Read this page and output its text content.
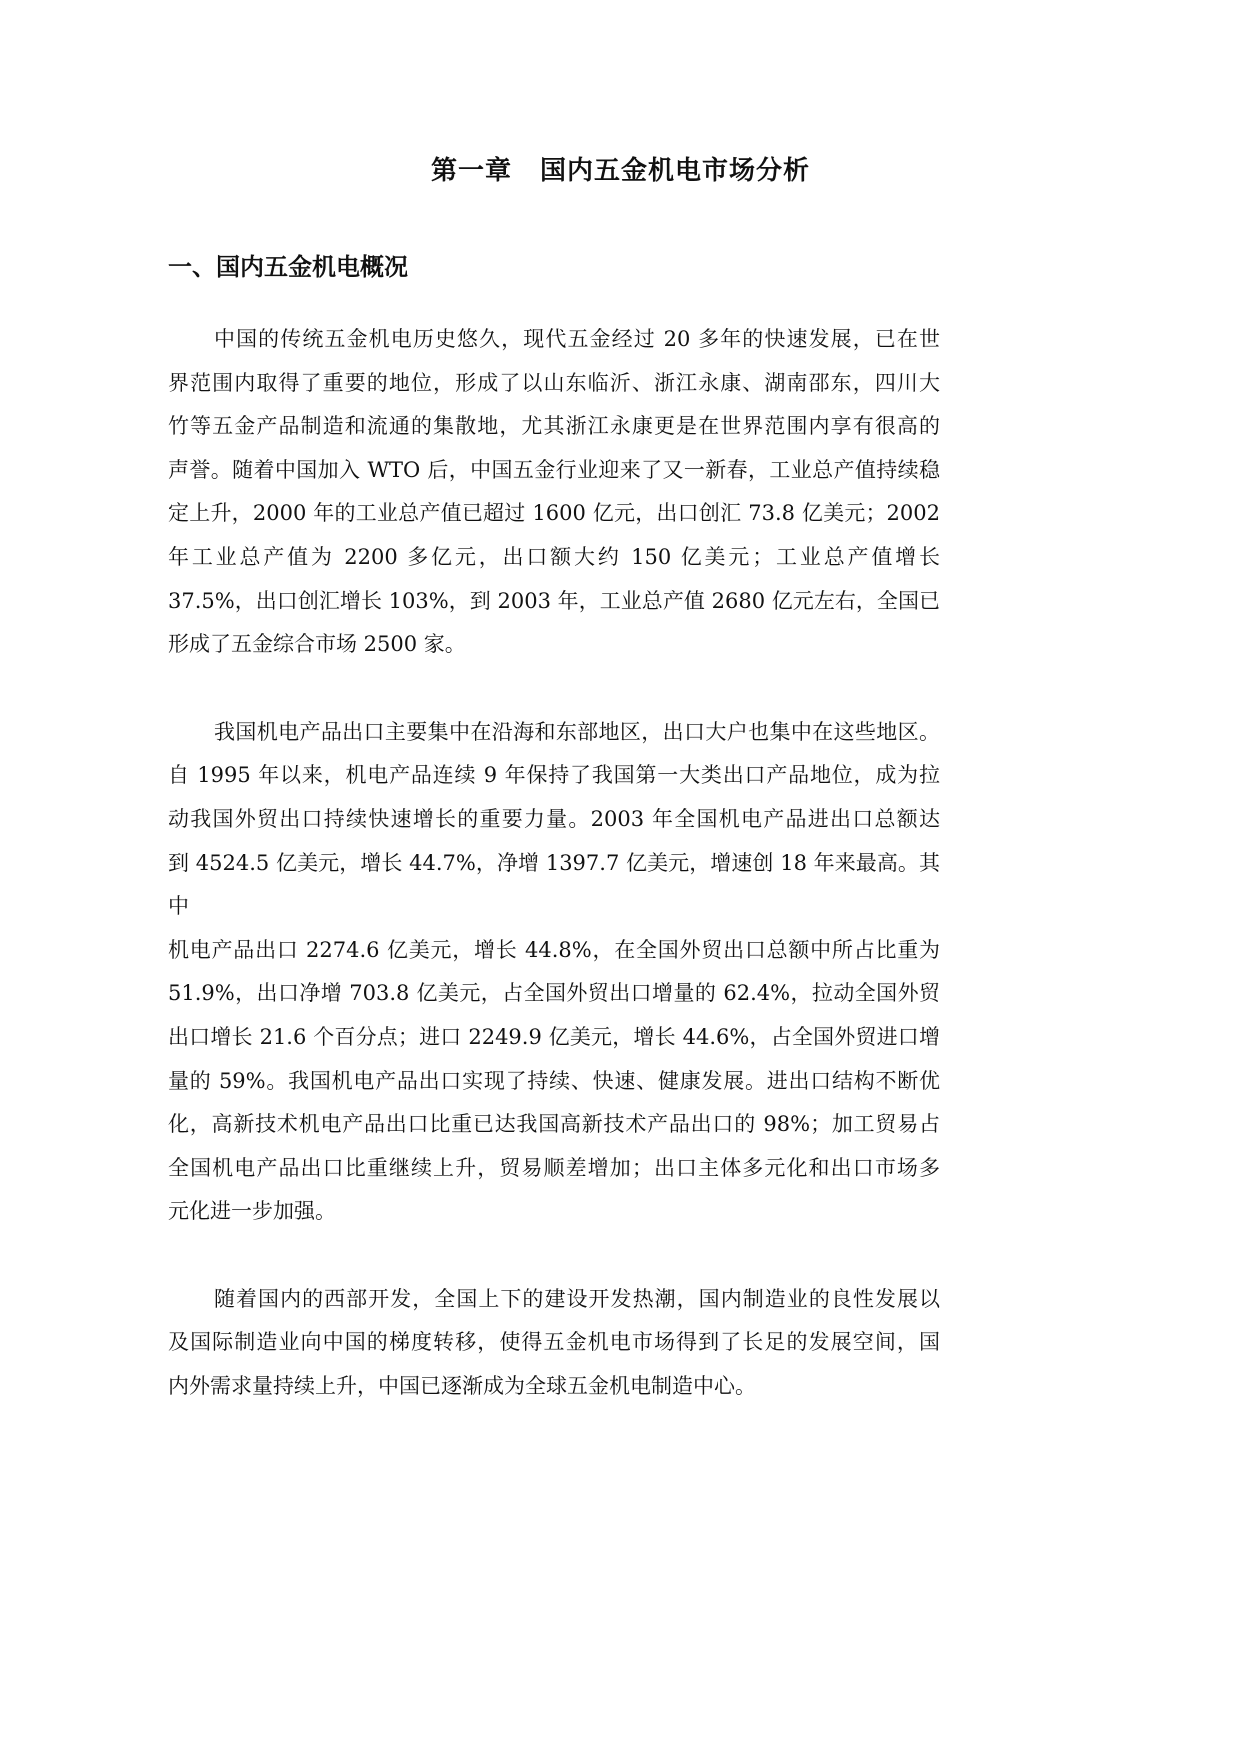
第一章 国内五金机电市场分析
一、国内五金机电概况
中国的传统五金机电历史悠久，现代五金经过 20 多年的快速发展，已在世
界范围内取得了重要的地位，形成了以山东临沂、浙江永康、湖南邵东，四川大
竹等五金产品制造和流通的集散地，尤其浙江永康更是在世界范围内享有很高的
声誉。随着中国加入 WTO 后，中国五金行业迎来了又一新春，工业总产值持续稳
定上升，2000 年的工业总产值已超过 1600 亿元，出口创汇 73.8 亿美元；2002
年工业总产值为 2200 多亿元，出口额大约 150 亿美元；工业总产值增长
37.5%，出口创汇增长 103%，到 2003 年，工业总产值 2680 亿元左右，全国已
形成了五金综合市场 2500 家。
我国机电产品出口主要集中在沿海和东部地区，出口大户也集中在这些地区。
自 1995 年以来，机电产品连续 9 年保持了我国第一大类出口产品地位，成为拉
动我国外贸出口持续快速增长的重要力量。2003 年全国机电产品进出口总额达
到 4524.5 亿美元，增长 44.7%，净增 1397.7 亿美元，增速创 18 年来最高。其中
机电产品出口 2274.6 亿美元，增长 44.8%，在全国外贸出口总额中所占比重为
51.9%，出口净增 703.8 亿美元，占全国外贸出口增量的 62.4%，拉动全国外贸
出口增长 21.6 个百分点；进口 2249.9 亿美元，增长 44.6%，占全国外贸进口增
量的 59%。我国机电产品出口实现了持续、快速、健康发展。进出口结构不断优
化，高新技术机电产品出口比重已达我国高新技术产品出口的 98%；加工贸易占
全国机电产品出口比重继续上升，贸易顺差增加；出口主体多元化和出口市场多
元化进一步加强。
随着国内的西部开发，全国上下的建设开发热潮，国内制造业的良性发展以
及国际制造业向中国的梯度转移，使得五金机电市场得到了长足的发展空间，国
内外需求量持续上升，中国已逐渐成为全球五金机电制造中心。
